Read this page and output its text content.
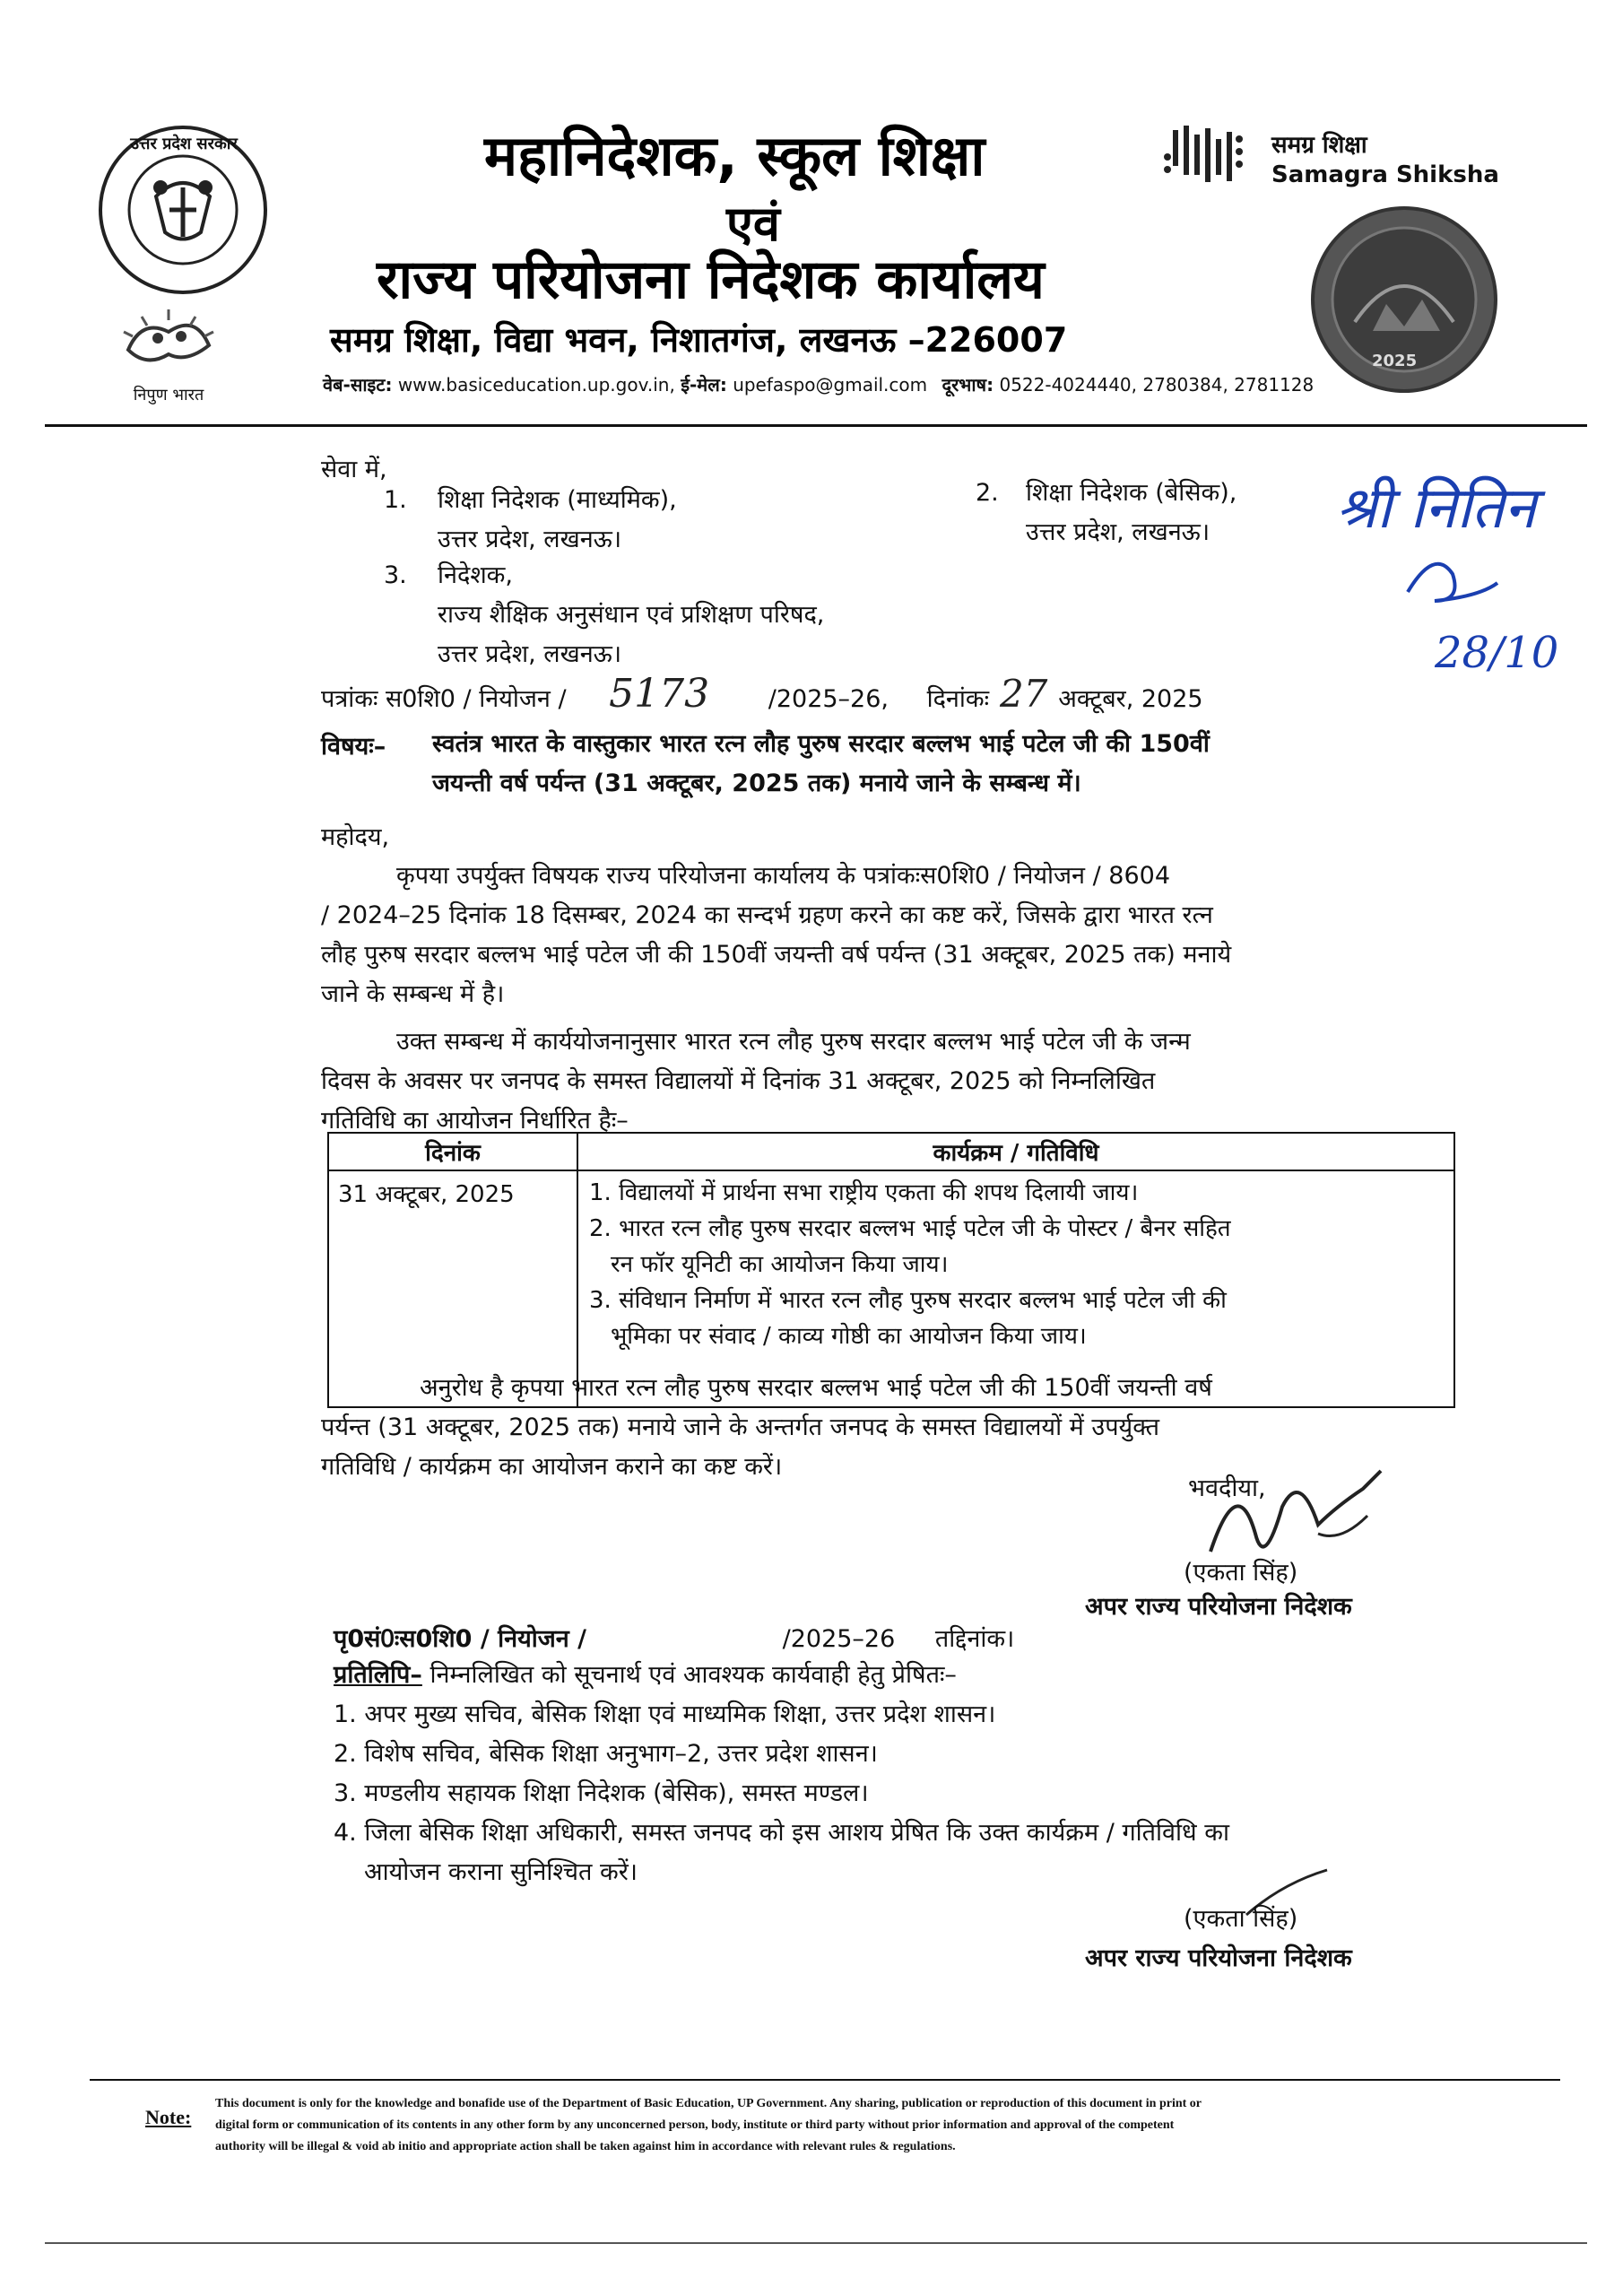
उत्तर प्रदेश सरकार
निपुण भारत
महानिदेशक, स्कूल शिक्षा
एवं
राज्य परियोजना निदेशक कार्यालय
समग्र शिक्षा, विद्या भवन, निशातगंज, लखनऊ –226007
वेब-साइट: www.basiceducation.up.gov.in, ई-मेल: upefaspo@gmail.com दूरभाष: 0522-4024440, 2780384, 2781128
समग्र शिक्षा
Samagra Shiksha
2025
सेवा में,
1.	शिक्षा निदेशक (माध्यमिक),
उत्तर प्रदेश, लखनऊ।
2.	शिक्षा निदेशक (बेसिक),
उत्तर प्रदेश, लखनऊ।
3.	निदेशक,
राज्य शैक्षिक अनुसंधान एवं प्रशिक्षण परिषद,
उत्तर प्रदेश, लखनऊ।
श्री नितिन
28/10
पत्रांकः स0शि0 / नियोजन / 5173 /2025–26, दिनांकः 27 अक्टूबर, 2025
विषयः– स्वतंत्र भारत के वास्तुकार भारत रत्न लौह पुरुष सरदार बल्लभ भाई पटेल जी की 150वीं
जयन्ती वर्ष पर्यन्त (31 अक्टूबर, 2025 तक) मनाये जाने के सम्बन्ध में।
महोदय,
कृपया उपर्युक्त विषयक राज्य परियोजना कार्यालय के पत्रांकःस0शि0 / नियोजन / 8604
/ 2024–25 दिनांक 18 दिसम्बर, 2024 का सन्दर्भ ग्रहण करने का कष्ट करें, जिसके द्वारा भारत रत्न
लौह पुरुष सरदार बल्लभ भाई पटेल जी की 150वीं जयन्ती वर्ष पर्यन्त (31 अक्टूबर, 2025 तक) मनाये
जाने के सम्बन्ध में है।
उक्त सम्बन्ध में कार्ययोजनानुसार भारत रत्न लौह पुरुष सरदार बल्लभ भाई पटेल जी के जन्म
दिवस के अवसर पर जनपद के समस्त विद्यालयों में दिनांक 31 अक्टूबर, 2025 को निम्नलिखित
गतिविधि का आयोजन निर्धारित हैः–
दिनांक	कार्यक्रम / गतिविधि
31 अक्टूबर, 2025	1. विद्यालयों में प्रार्थना सभा राष्ट्रीय एकता की शपथ दिलायी जाय।
2. भारत रत्न लौह पुरुष सरदार बल्लभ भाई पटेल जी के पोस्टर / बैनर सहित
रन फॉर यूनिटी का आयोजन किया जाय।
3. संविधान निर्माण में भारत रत्न लौह पुरुष सरदार बल्लभ भाई पटेल जी की
भूमिका पर संवाद / काव्य गोष्ठी का आयोजन किया जाय।
अनुरोध है कृपया भारत रत्न लौह पुरुष सरदार बल्लभ भाई पटेल जी की 150वीं जयन्ती वर्ष
पर्यन्त (31 अक्टूबर, 2025 तक) मनाये जाने के अन्तर्गत जनपद के समस्त विद्यालयों में उपर्युक्त
गतिविधि / कार्यक्रम का आयोजन कराने का कष्ट करें।
भवदीया,
(एकता सिंह)
अपर राज्य परियोजना निदेशक
पृ0सं0ःस0शि0 / नियोजन /	/2025–26 तद्दिनांक।
प्रतिलिपि– निम्नलिखित को सूचनार्थ एवं आवश्यक कार्यवाही हेतु प्रेषितः–
1. अपर मुख्य सचिव, बेसिक शिक्षा एवं माध्यमिक शिक्षा, उत्तर प्रदेश शासन।
2. विशेष सचिव, बेसिक शिक्षा अनुभाग–2, उत्तर प्रदेश शासन।
3. मण्डलीय सहायक शिक्षा निदेशक (बेसिक), समस्त मण्डल।
4. जिला बेसिक शिक्षा अधिकारी, समस्त जनपद को इस आशय प्रेषित कि उक्त कार्यक्रम / गतिविधि का
आयोजन कराना सुनिश्चित करें।
(एकता सिंह)
अपर राज्य परियोजना निदेशक
Note:
This document is only for the knowledge and bonafide use of the Department of Basic Education, UP Government. Any sharing, publication or reproduction of this document in print or
digital form or communication of its contents in any other form by any unconcerned person, body, institute or third party without prior information and approval of the competent
authority will be illegal & void ab initio and appropriate action shall be taken against him in accordance with relevant rules & regulations.
